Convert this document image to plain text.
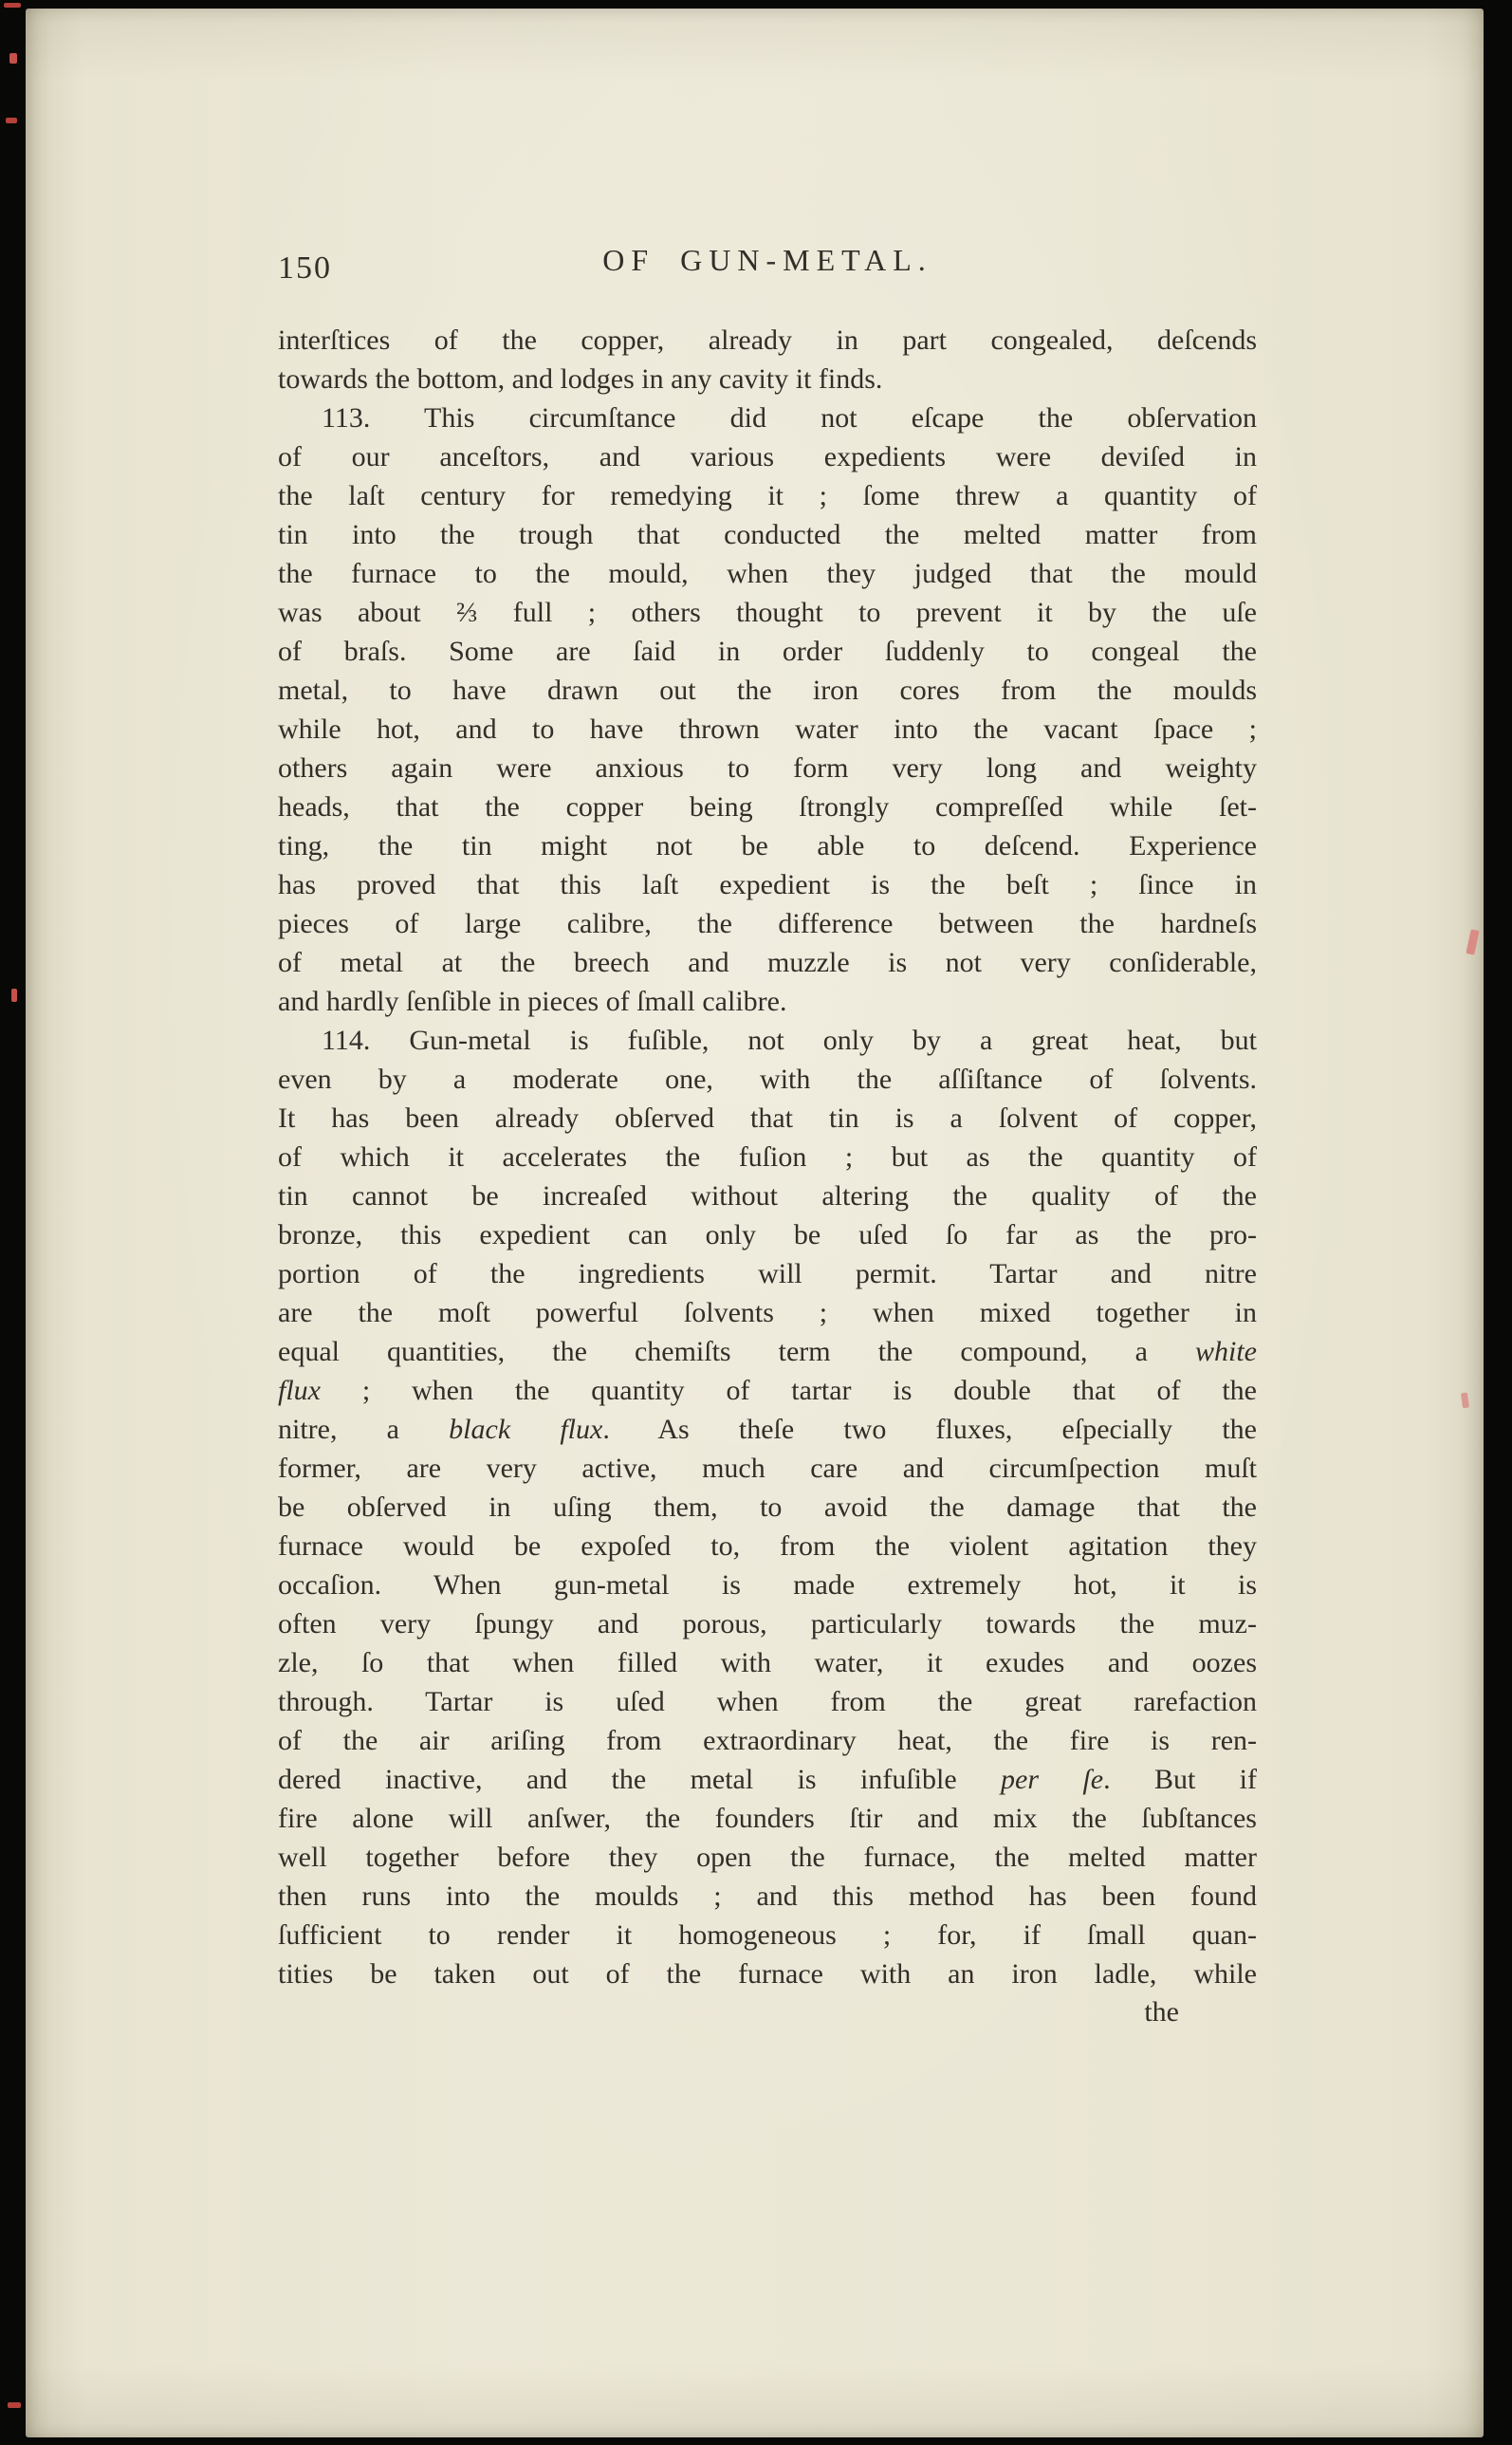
150	OF GUN-METAL.
interſtices of the copper, already in part congealed, deſcends
towards the bottom, and lodges in any cavity it finds.
113. This circumſtance did not eſcape the obſervation
of our anceſtors, and various expedients were deviſed in
the laſt century for remedying it ; ſome threw a quantity of
tin into the trough that conducted the melted matter from
the furnace to the mould, when they judged that the mould
was about ⅔ full ; others thought to prevent it by the uſe
of braſs. Some are ſaid in order ſuddenly to congeal the
metal, to have drawn out the iron cores from the moulds
while hot, and to have thrown water into the vacant ſpace ;
others again were anxious to form very long and weighty
heads, that the copper being ſtrongly compreſſed while ſet-
ting, the tin might not be able to deſcend. Experience
has proved that this laſt expedient is the beſt ; ſince in
pieces of large calibre, the difference between the hardneſs
of metal at the breech and muzzle is not very conſiderable,
and hardly ſenſible in pieces of ſmall calibre.
114. Gun-metal is fuſible, not only by a great heat, but
even by a moderate one, with the aſſiſtance of ſolvents.
It has been already obſerved that tin is a ſolvent of copper,
of which it accelerates the fuſion ; but as the quantity of
tin cannot be increaſed without altering the quality of the
bronze, this expedient can only be uſed ſo far as the pro-
portion of the ingredients will permit. Tartar and nitre
are the moſt powerful ſolvents ; when mixed together in
equal quantities, the chemiſts term the compound, a white
flux ; when the quantity of tartar is double that of the
nitre, a black flux. As theſe two fluxes, eſpecially the
former, are very active, much care and circumſpection muſt
be obſerved in uſing them, to avoid the damage that the
furnace would be expoſed to, from the violent agitation they
occaſion. When gun-metal is made extremely hot, it is
often very ſpungy and porous, particularly towards the muz-
zle, ſo that when filled with water, it exudes and oozes
through. Tartar is uſed when from the great rarefaction
of the air ariſing from extraordinary heat, the fire is ren-
dered inactive, and the metal is infuſible per ſe. But if
fire alone will anſwer, the founders ſtir and mix the ſubſtances
well together before they open the furnace, the melted matter
then runs into the moulds ; and this method has been found
ſufficient to render it homogeneous ; for, if ſmall quan-
tities be taken out of the furnace with an iron ladle, while
the
